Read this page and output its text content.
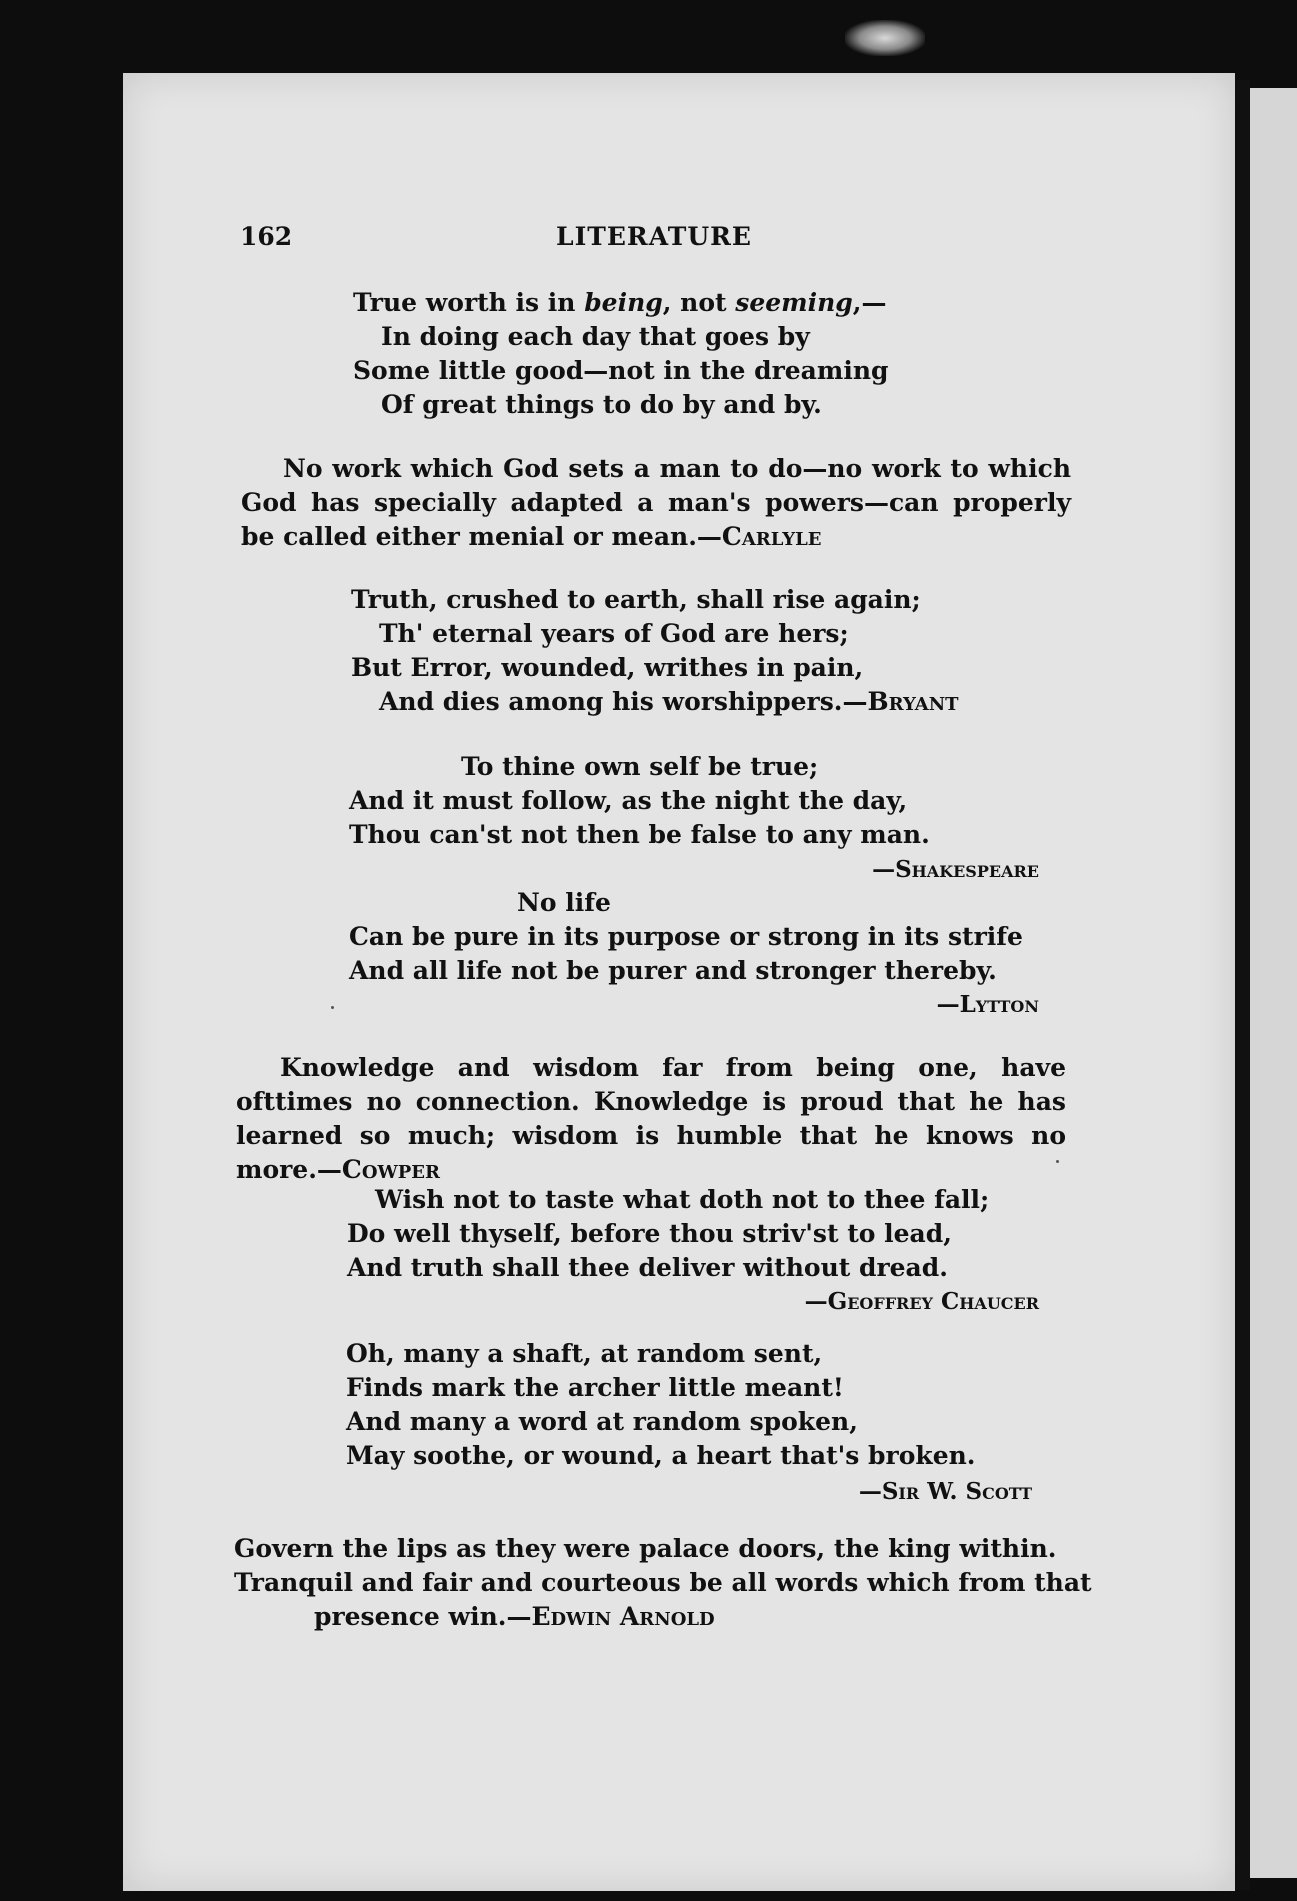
162	LITERATURE
True worth is in being, not seeming,—
In doing each day that goes by
Some little good—not in the dreaming
Of great things to do by and by.
No work which God sets a man to do—no work to which God has specially adapted a man's powers—can properly be called either menial or mean.—Carlyle
Truth, crushed to earth, shall rise again;
Th' eternal years of God are hers;
But Error, wounded, writhes in pain,
And dies among his worshippers.—Bryant
To thine own self be true;
And it must follow, as the night the day,
Thou can'st not then be false to any man.
—Shakespeare
No life
Can be pure in its purpose or strong in its strife
And all life not be purer and stronger thereby.
—Lytton
Knowledge and wisdom far from being one, have ofttimes no connection. Knowledge is proud that he has learned so much; wisdom is humble that he knows no more.—Cowper
Wish not to taste what doth not to thee fall;
Do well thyself, before thou striv'st to lead,
And truth shall thee deliver without dread.
—Geoffrey Chaucer
Oh, many a shaft, at random sent,
Finds mark the archer little meant!
And many a word at random spoken,
May soothe, or wound, a heart that's broken.
—Sir W. Scott
Govern the lips as they were palace doors, the king within.
Tranquil and fair and courteous be all words which from that
presence win.—Edwin Arnold
